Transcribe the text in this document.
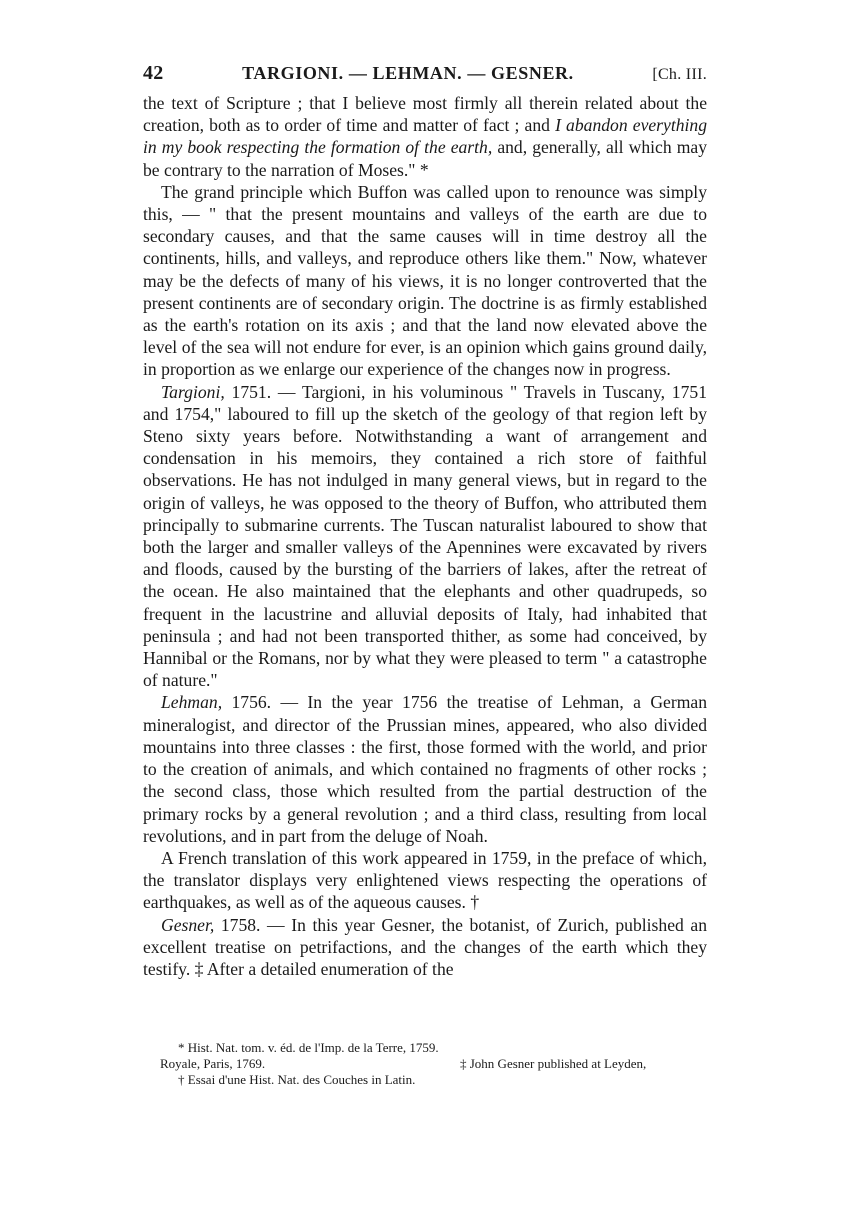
42	TARGIONI. — LEHMAN. — GESNER.	[Ch. III.

the text of Scripture ; that I believe most firmly all therein related about the creation, both as to order of time and matter of fact ; and I abandon everything in my book respecting the formation of the earth, and, generally, all which may be contrary to the narration of Moses." *

The grand principle which Buffon was called upon to renounce was simply this, — " that the present mountains and valleys of the earth are due to secondary causes, and that the same causes will in time destroy all the continents, hills, and valleys, and reproduce others like them." Now, whatever may be the defects of many of his views, it is no longer controverted that the present continents are of secondary origin. The doctrine is as firmly established as the earth's rotation on its axis ; and that the land now elevated above the level of the sea will not endure for ever, is an opinion which gains ground daily, in proportion as we enlarge our experience of the changes now in progress.

Targioni, 1751. — Targioni, in his voluminous " Travels in Tuscany, 1751 and 1754," laboured to fill up the sketch of the geology of that region left by Steno sixty years before. Notwithstanding a want of arrangement and condensation in his memoirs, they contained a rich store of faithful observations. He has not indulged in many general views, but in regard to the origin of valleys, he was opposed to the theory of Buffon, who attributed them principally to submarine currents. The Tuscan naturalist laboured to show that both the larger and smaller valleys of the Apennines were excavated by rivers and floods, caused by the bursting of the barriers of lakes, after the retreat of the ocean. He also maintained that the elephants and other quadrupeds, so frequent in the lacustrine and alluvial deposits of Italy, had inhabited that peninsula ; and had not been transported thither, as some had conceived, by Hannibal or the Romans, nor by what they were pleased to term " a catastrophe of nature."

Lehman, 1756. — In the year 1756 the treatise of Lehman, a German mineralogist, and director of the Prussian mines, appeared, who also divided mountains into three classes : the first, those formed with the world, and prior to the creation of animals, and which contained no fragments of other rocks ; the second class, those which resulted from the partial destruction of the primary rocks by a general revolution ; and a third class, resulting from local revolutions, and in part from the deluge of Noah.

A French translation of this work appeared in 1759, in the preface of which, the translator displays very enlightened views respecting the operations of earthquakes, as well as of the aqueous causes. †

Gesner, 1758. — In this year Gesner, the botanist, of Zurich, published an excellent treatise on petrifactions, and the changes of the earth which they testify. ‡ After a detailed enumeration of the

* Hist. Nat. tom. v. éd. de l'Imp. de la Terre, 1759.

Royale, Paris, 1769.

† Essai d'une Hist. Nat. des Couches in Latin.

‡ John Gesner published at Leyden,
